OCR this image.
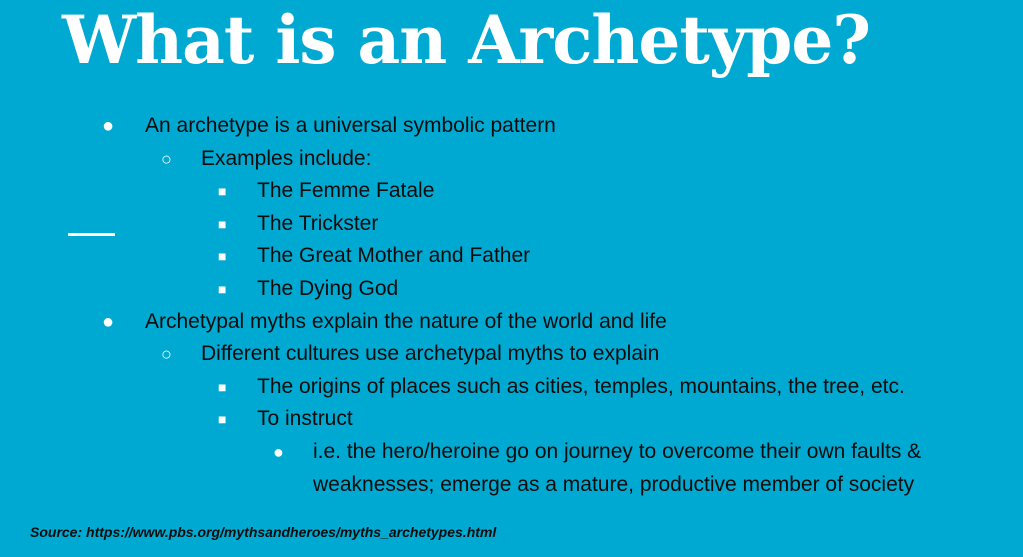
What is an Archetype?
● An archetype is a universal symbolic pattern
○ Examples include:
■ The Femme Fatale
■ The Trickster
■ The Great Mother and Father
■ The Dying God
● Archetypal myths explain the nature of the world and life
○ Different cultures use archetypal myths to explain
■ The origins of places such as cities, temples, mountains, the tree, etc.
■ To instruct
● i.e. the hero/heroine go on journey to overcome their own faults & weaknesses; emerge as a mature, productive member of society
Source: https://www.pbs.org/mythsandheroes/myths_archetypes.html
